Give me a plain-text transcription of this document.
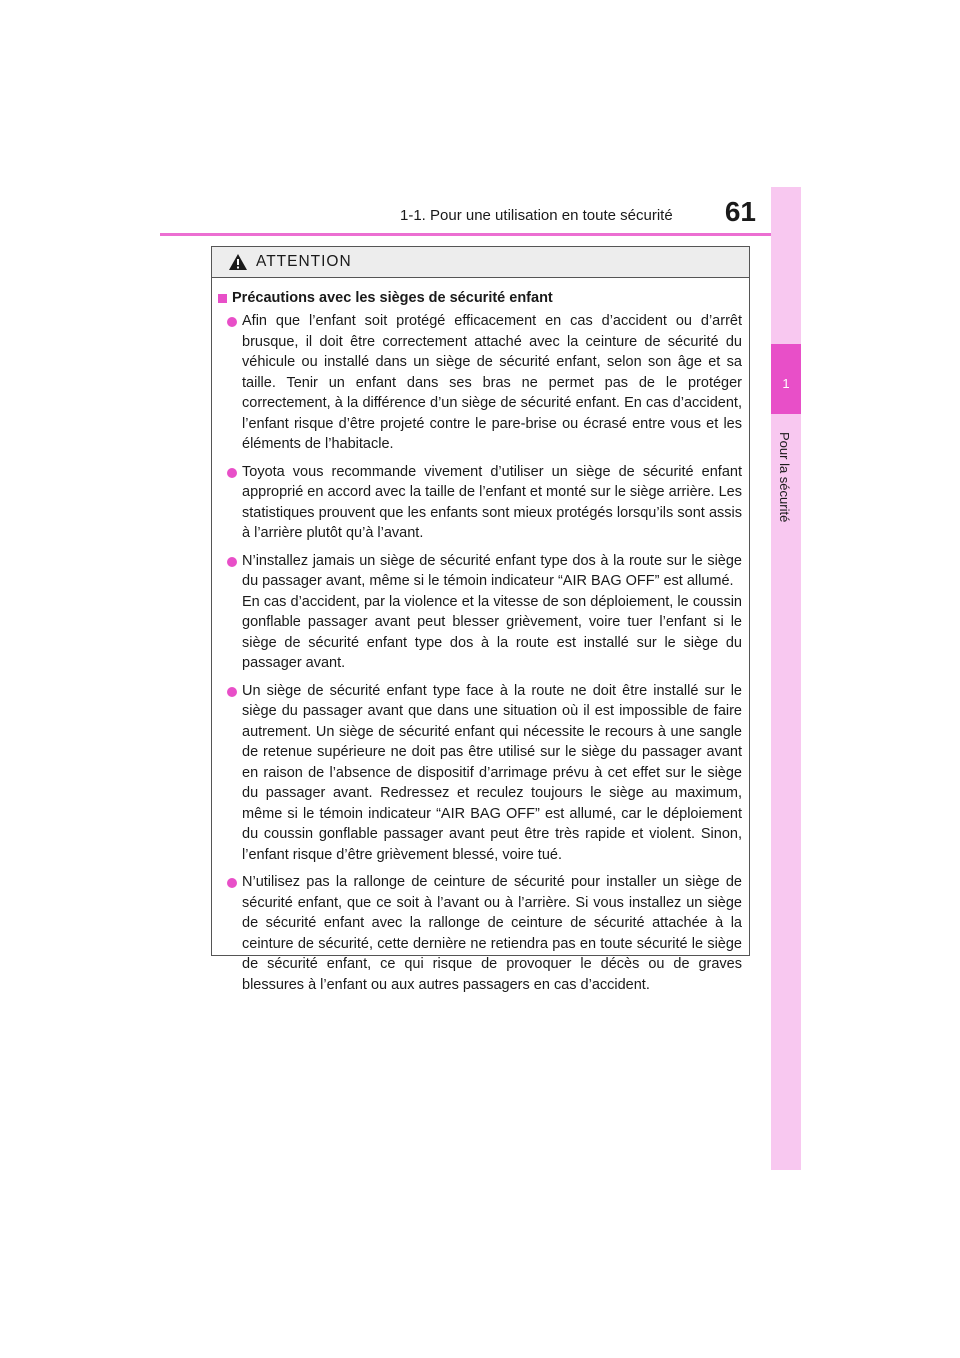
1-1. Pour une utilisation en toute sécurité	61
1
Pour la sécurité
ATTENTION
Précautions avec les sièges de sécurité enfant
Afin que l’enfant soit protégé efficacement en cas d’accident ou d’arrêt brusque, il doit être correctement attaché avec la ceinture de sécurité du véhicule ou installé dans un siège de sécurité enfant, selon son âge et sa taille. Tenir un enfant dans ses bras ne permet pas de le protéger correctement, à la différence d’un siège de sécurité enfant. En cas d’accident, l’enfant risque d’être projeté contre le pare-brise ou écrasé entre vous et les éléments de l’habitacle.
Toyota vous recommande vivement d’utiliser un siège de sécurité enfant approprié en accord avec la taille de l’enfant et monté sur le siège arrière. Les statistiques prouvent que les enfants sont mieux protégés lorsqu’ils sont assis à l’arrière plutôt qu’à l’avant.
N’installez jamais un siège de sécurité enfant type dos à la route sur le siège du passager avant, même si le témoin indicateur “AIR BAG OFF” est allumé.
En cas d’accident, par la violence et la vitesse de son déploiement, le coussin gonflable passager avant peut blesser grièvement, voire tuer l’enfant si le siège de sécurité enfant type dos à la route est installé sur le siège du passager avant.
Un siège de sécurité enfant type face à la route ne doit être installé sur le siège du passager avant que dans une situation où il est impossible de faire autrement. Un siège de sécurité enfant qui nécessite le recours à une sangle de retenue supérieure ne doit pas être utilisé sur le siège du passager avant en raison de l’absence de dispositif d’arrimage prévu à cet effet sur le siège du passager avant. Redressez et reculez toujours le siège au maximum, même si le témoin indicateur “AIR BAG OFF” est allumé, car le déploiement du coussin gonflable passager avant peut être très rapide et violent. Sinon, l’enfant risque d’être grièvement blessé, voire tué.
N’utilisez pas la rallonge de ceinture de sécurité pour installer un siège de sécurité enfant, que ce soit à l’avant ou à l’arrière. Si vous installez un siège de sécurité enfant avec la rallonge de ceinture de sécurité attachée à la ceinture de sécurité, cette dernière ne retiendra pas en toute sécurité le siège de sécurité enfant, ce qui risque de provoquer le décès ou de graves blessures à l’enfant ou aux autres passagers en cas d’accident.
